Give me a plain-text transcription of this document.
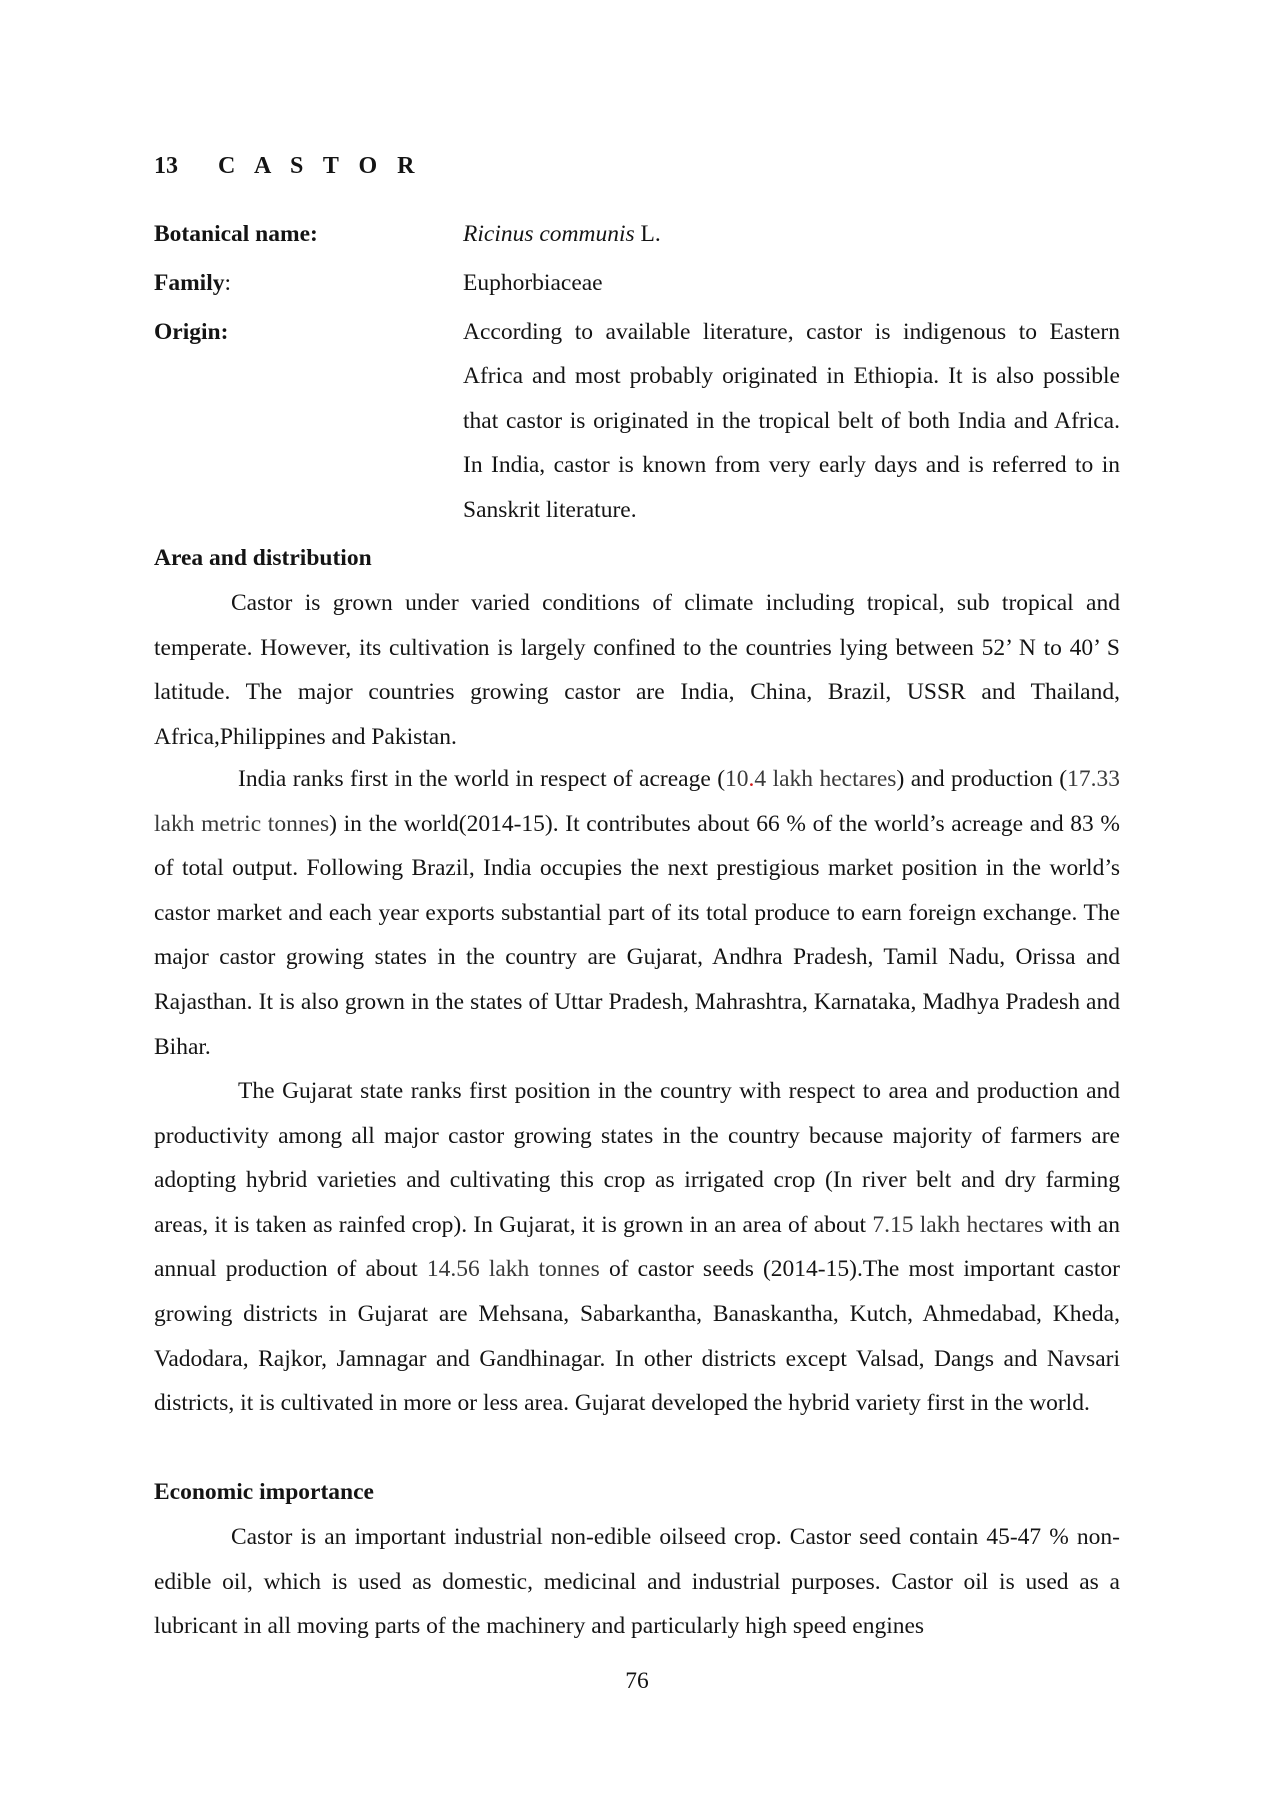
13 C A S T O R
Botanical name:	Ricinus communis L.
Family:	Euphorbiaceae
Origin:	According to available literature, castor is indigenous to Eastern Africa and most probably originated in Ethiopia. It is also possible that castor is originated in the tropical belt of both India and Africa. In India, castor is known from very early days and is referred to in Sanskrit literature.
Area and distribution

Castor is grown under varied conditions of climate including tropical, sub tropical and temperate. However, its cultivation is largely confined to the countries lying between 52’ N to 40’ S latitude. The major countries growing castor are India, China, Brazil, USSR and Thailand, Africa,Philippines and Pakistan.

India ranks first in the world in respect of acreage (10.4 lakh hectares) and production (17.33 lakh metric tonnes) in the world(2014-15). It contributes about 66 % of the world’s acreage and 83 % of total output. Following Brazil, India occupies the next prestigious market position in the world’s castor market and each year exports substantial part of its total produce to earn foreign exchange. The major castor growing states in the country are Gujarat, Andhra Pradesh, Tamil Nadu, Orissa and Rajasthan. It is also grown in the states of Uttar Pradesh, Mahrashtra, Karnataka, Madhya Pradesh and Bihar.

The Gujarat state ranks first position in the country with respect to area and production and productivity among all major castor growing states in the country because majority of farmers are adopting hybrid varieties and cultivating this crop as irrigated crop (In river belt and dry farming areas, it is taken as rainfed crop). In Gujarat, it is grown in an area of about 7.15 lakh hectares with an annual production of about 14.56 lakh tonnes of castor seeds (2014-15).The most important castor growing districts in Gujarat are Mehsana, Sabarkantha, Banaskantha, Kutch, Ahmedabad, Kheda, Vadodara, Rajkor, Jamnagar and Gandhinagar. In other districts except Valsad, Dangs and Navsari districts, it is cultivated in more or less area. Gujarat developed the hybrid variety first in the world.

Economic importance

Castor is an important industrial non-edible oilseed crop. Castor seed contain 45-47 % non-edible oil, which is used as domestic, medicinal and industrial purposes. Castor oil is used as a lubricant in all moving parts of the machinery and particularly high speed engines

76
